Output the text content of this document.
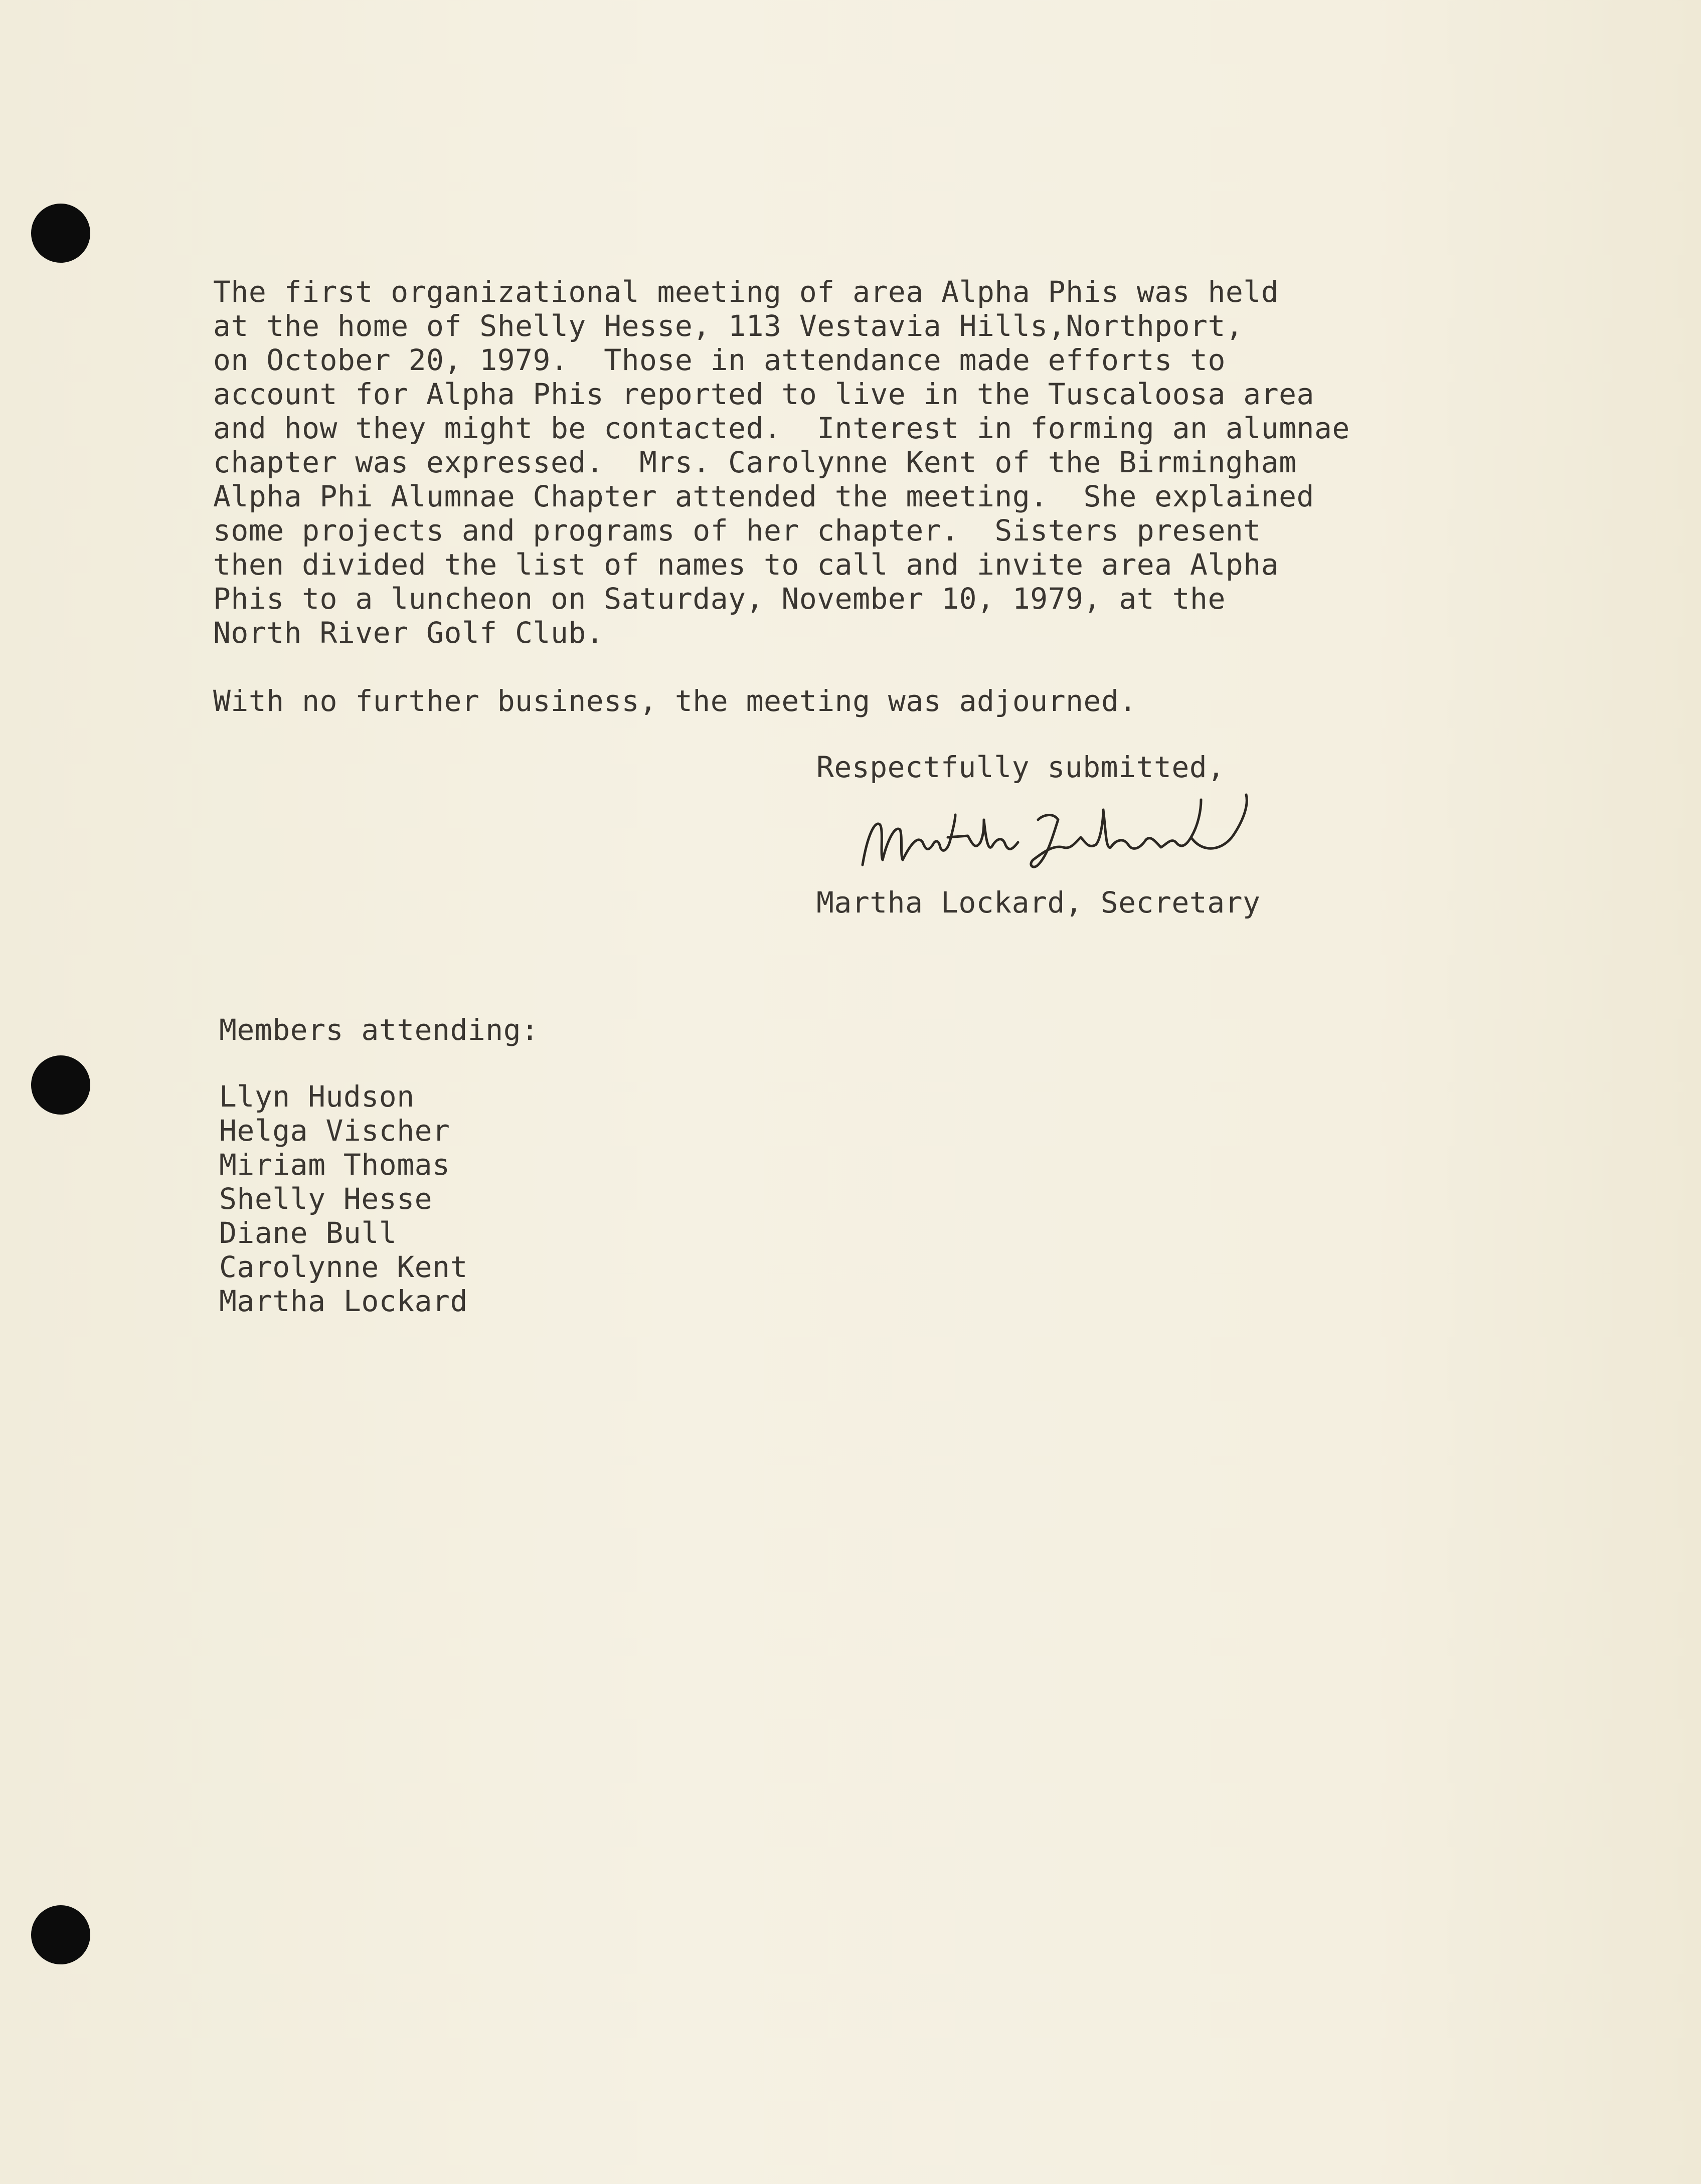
The first organizational meeting of area Alpha Phis was held
at the home of Shelly Hesse, 113 Vestavia Hills,Northport,
on October 20, 1979.  Those in attendance made efforts to
account for Alpha Phis reported to live in the Tuscaloosa area
and how they might be contacted.  Interest in forming an alumnae
chapter was expressed.  Mrs. Carolynne Kent of the Birmingham
Alpha Phi Alumnae Chapter attended the meeting.  She explained
some projects and programs of her chapter.  Sisters present
then divided the list of names to call and invite area Alpha
Phis to a luncheon on Saturday, November 10, 1979, at the
North River Golf Club.
With no further business, the meeting was adjourned.
Respectfully submitted,
Martha Lockard, Secretary
Members attending:
Llyn Hudson
Helga Vischer
Miriam Thomas
Shelly Hesse
Diane Bull
Carolynne Kent
Martha Lockard
